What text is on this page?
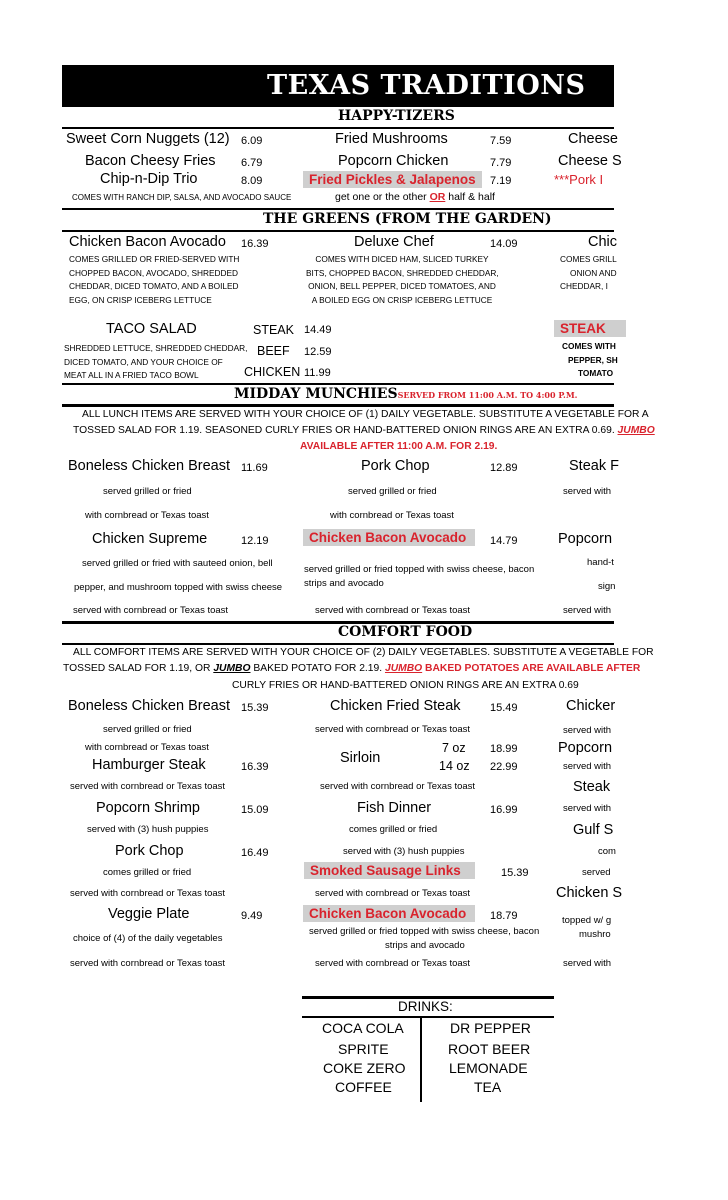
TEXAS TRADITIONS
HAPPY-TIZERS
Sweet Corn Nuggets (12) 6.09
Bacon Cheesy Fries 6.79
Chip-n-Dip Trio	8.09
COMES WITH RANCH DIP, SALSA, AND AVOCADO SAUCE
Fried Mushrooms	7.59
Popcorn Chicken	7.79
Fried Pickles & Jalapenos	7.19
get one or the other OR half & half
Cheese
Cheese S
***Pork I
THE GREENS (FROM THE GARDEN)
Chicken Bacon Avocado 16.39
COMES GRILLED OR FRIED-SERVED WITH
CHOPPED BACON, AVOCADO, SHREDDED
CHEDDAR, DICED TOMATO, AND A BOILED
EGG, ON CRISP ICEBERG LETTUCE
Deluxe Chef	14.09
COMES WITH DICED HAM, SLICED TURKEY
BITS, CHOPPED BACON, SHREDDED CHEDDAR,
ONION, BELL PEPPER, DICED TOMATOES, AND
A BOILED EGG ON CRISP ICEBERG LETTUCE
Chic
COMES GRILL
ONION AND
CHEDDAR, I
TACO SALAD
SHREDDED LETTUCE, SHREDDED CHEDDAR,
DICED TOMATO, AND YOUR CHOICE OF
MEAT ALL IN A FRIED TACO BOWL
STEAK 14.49
BEEF 12.59
CHICKEN 11.99
STEAK
COMES WITH
PEPPER, SH
TOMATO
MIDDAY MUNCHIESSERVED FROM 11:00 A.M. TO 4:00 P.M.
ALL LUNCH ITEMS ARE SERVED WITH YOUR CHOICE OF (1) DAILY VEGETABLE. SUBSTITUTE A VEGETABLE FOR A
TOSSED SALAD FOR 1.19. SEASONED CURLY FRIES OR HAND-BATTERED ONION RINGS ARE AN EXTRA 0.69. JUMBO
AVAILABLE AFTER 11:00 A.M. FOR 2.19.
Boneless Chicken Breast 11.69
served grilled or fried
with cornbread or Texas toast
Pork Chop	12.89
served grilled or fried
with cornbread or Texas toast
Steak F
served with
Chicken Supreme	12.19
served grilled or fried with sauteed onion, bell
pepper, and mushroom topped with swiss cheese
served with cornbread or Texas toast
Chicken Bacon Avocado	14.79
served grilled or fried topped with swiss cheese, bacon
strips and avocado
served with cornbread or Texas toast
Popcorn
hand-t
sign
served with
COMFORT FOOD
ALL COMFORT ITEMS ARE SERVED WITH YOUR CHOICE OF (2) DAILY VEGETABLES. SUBSTITUTE A VEGETABLE FOR
TOSSED SALAD FOR 1.19, OR JUMBO BAKED POTATO FOR 2.19. JUMBO BAKED POTATOES ARE AVAILABLE AFTER
CURLY FRIES OR HAND-BATTERED ONION RINGS ARE AN EXTRA 0.69
Boneless Chicken Breast 15.39
served grilled or fried
with cornbread or Texas toast
Hamburger Steak	16.39
served with cornbread or Texas toast
Popcorn Shrimp	15.09
served with (3) hush puppies
Pork Chop	16.49
comes grilled or fried
served with cornbread or Texas toast
Veggie Plate	9.49
choice of (4) of the daily vegetables
served with cornbread or Texas toast
Chicken Fried Steak	15.49
served with cornbread or Texas toast
Sirloin
7 oz 18.99
14 oz 22.99
served with cornbread or Texas toast
Fish Dinner	16.99
comes grilled or fried
served with (3) hush puppies
Smoked Sausage Links	15.39
served with cornbread or Texas toast
Chicken Bacon Avocado	18.79
served grilled or fried topped with swiss cheese, bacon
strips and avocado
served with cornbread or Texas toast
Chicker
served with
Popcorn
served with
Steak
served with
Gulf S
com
served
Chicken S
topped w/ g
mushro
served with
DRINKS:
COCA COLA
SPRITE
COKE ZERO
COFFEE
DR PEPPER
ROOT BEER
LEMONADE
TEA
